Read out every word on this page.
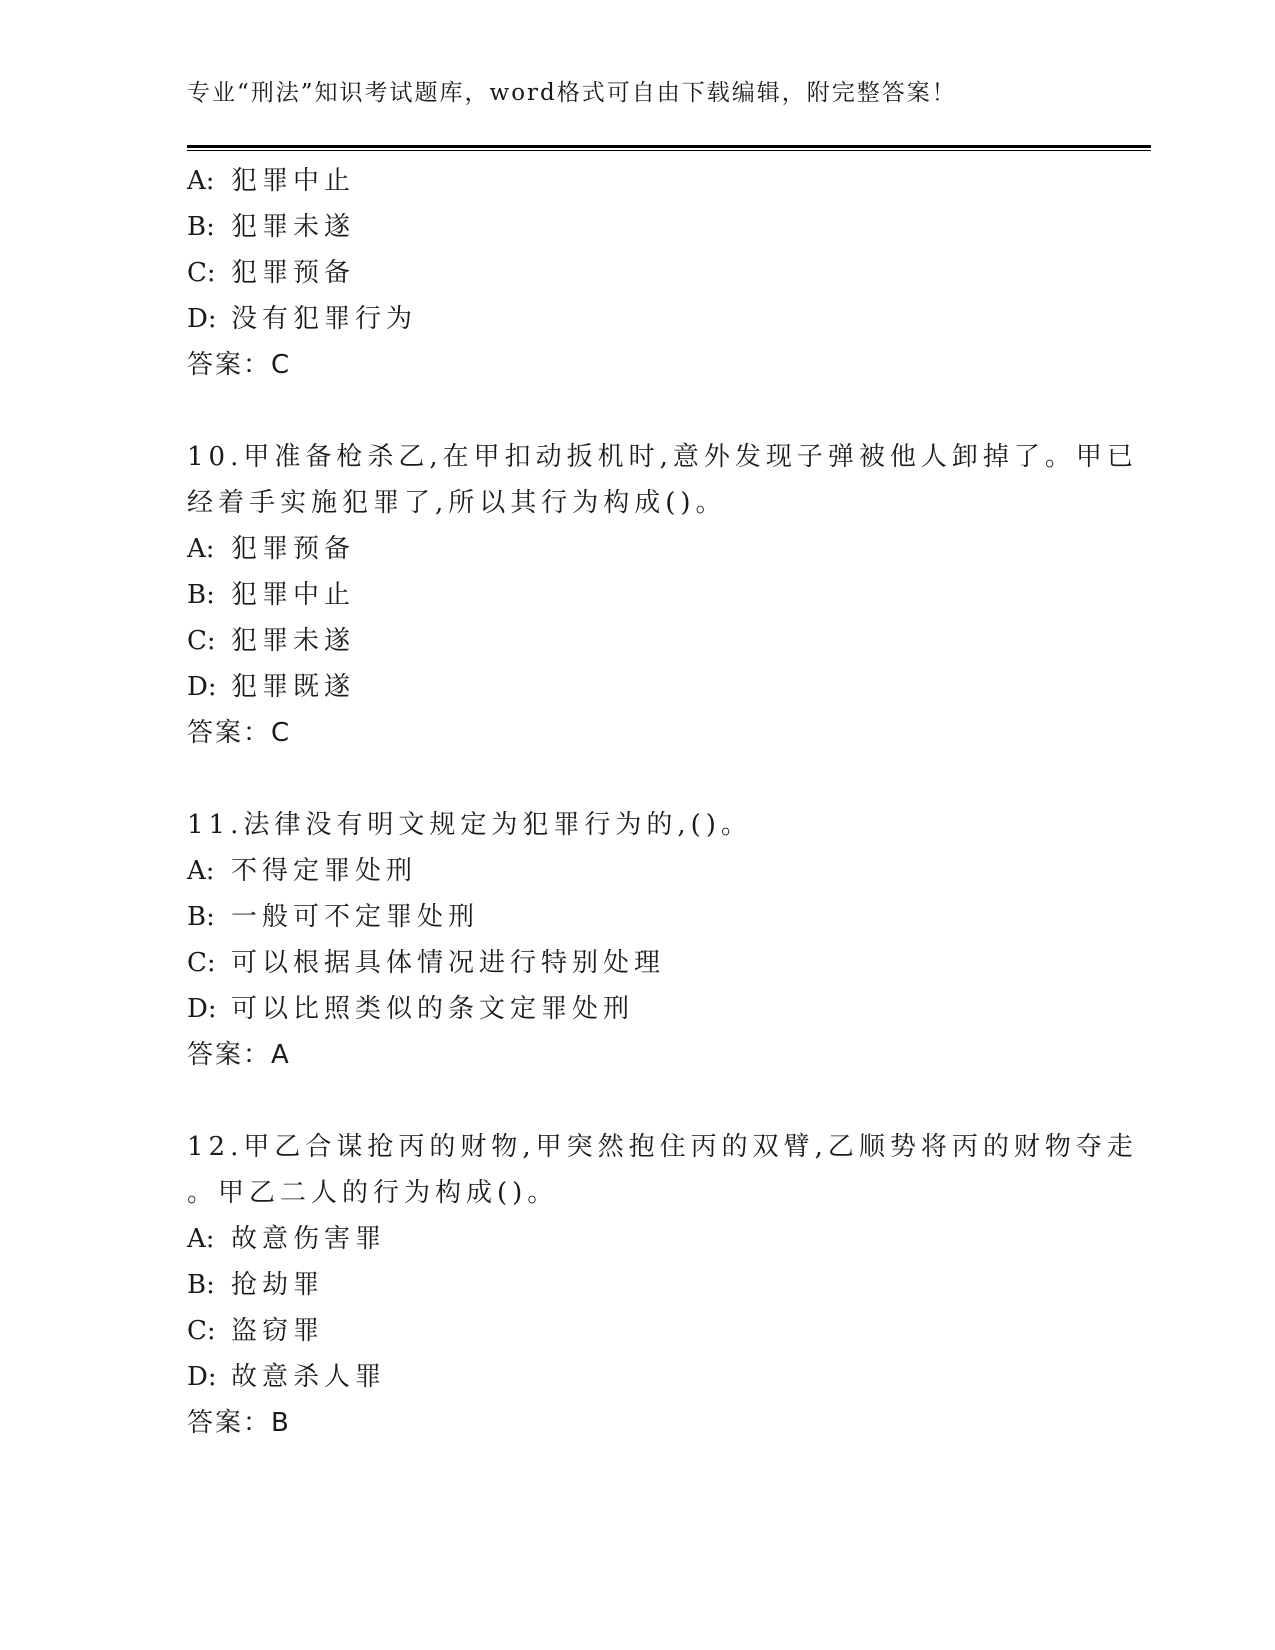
专业“刑法”知识考试题库，word格式可自由下载编辑，附完整答案！
A: 犯罪中止
B: 犯罪未遂
C: 犯罪预备
D: 没有犯罪行为
答案：C
10.甲准备枪杀乙,在甲扣动扳机时,意外发现子弹被他人卸掉了。甲已
经着手实施犯罪了,所以其行为构成()。
A: 犯罪预备
B: 犯罪中止
C: 犯罪未遂
D: 犯罪既遂
答案：C
11.法律没有明文规定为犯罪行为的,()。
A: 不得定罪处刑
B: 一般可不定罪处刑
C: 可以根据具体情况进行特别处理
D: 可以比照类似的条文定罪处刑
答案：A
12.甲乙合谋抢丙的财物,甲突然抱住丙的双臂,乙顺势将丙的财物夺走
。甲乙二人的行为构成()。
A: 故意伤害罪
B: 抢劫罪
C: 盗窃罪
D: 故意杀人罪
答案：B
